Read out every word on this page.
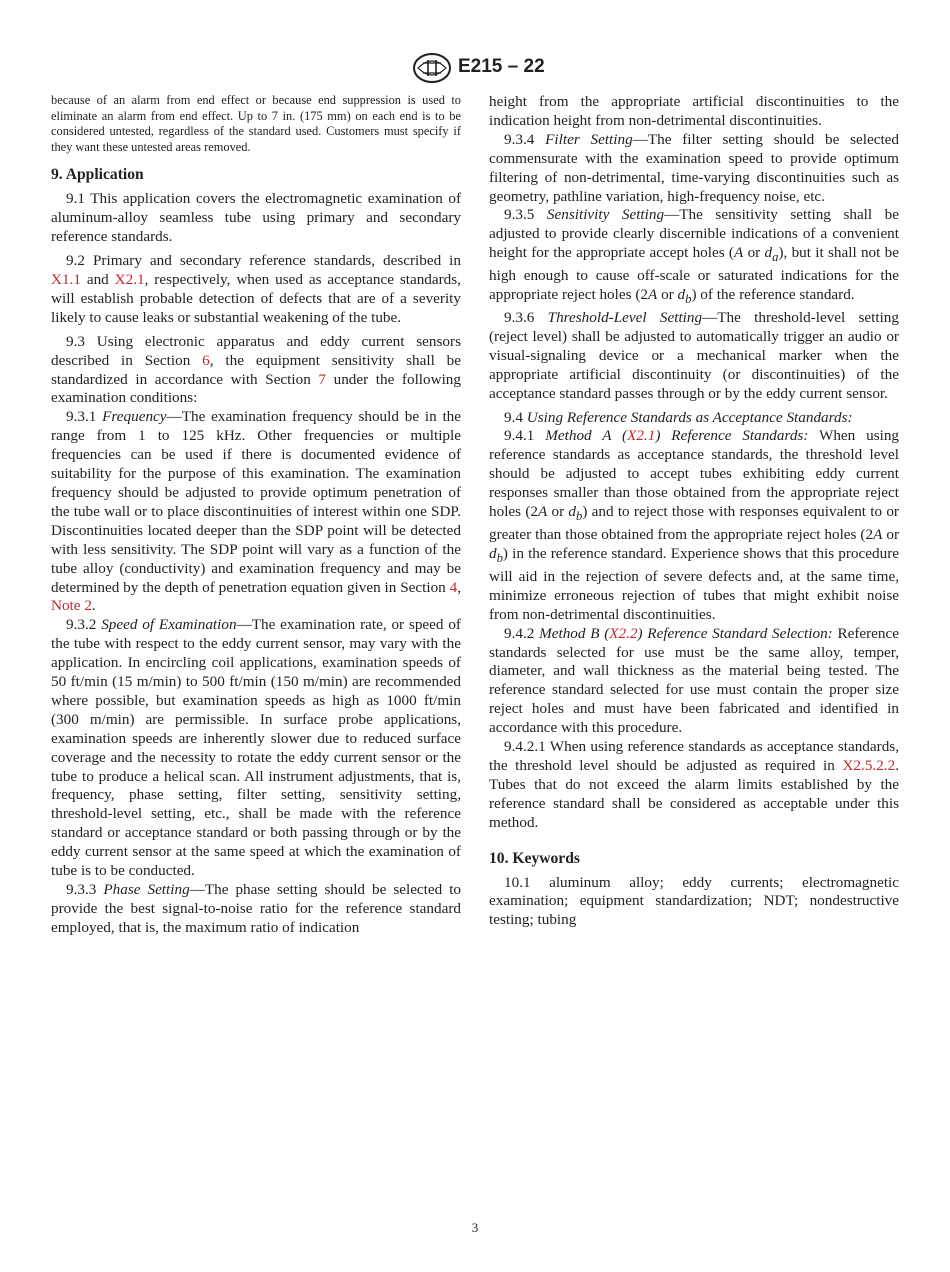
E215 – 22

because of an alarm from end effect or because end suppression is used to eliminate an alarm from end effect. Up to 7 in. (175 mm) on each end is to be considered untested, regardless of the standard used. Customers must specify if they want these untested areas removed.

9. Application

9.1 This application covers the electromagnetic examination of aluminum-alloy seamless tube using primary and secondary reference standards.

9.2 Primary and secondary reference standards, described in X1.1 and X2.1, respectively, when used as acceptance standards, will establish probable detection of defects that are of a severity likely to cause leaks or substantial weakening of the tube.

9.3 Using electronic apparatus and eddy current sensors described in Section 6, the equipment sensitivity shall be standardized in accordance with Section 7 under the following examination conditions:

9.3.1 Frequency—The examination frequency should be in the range from 1 to 125 kHz. Other frequencies or multiple frequencies can be used if there is documented evidence of suitability for the purpose of this examination. The examination frequency should be adjusted to provide optimum penetration of the tube wall or to place discontinuities of interest within one SDP. Discontinuities located deeper than the SDP point will be detected with less sensitivity. The SDP point will vary as a function of the tube alloy (conductivity) and examination frequency and may be determined by the depth of penetration equation given in Section 4, Note 2.

9.3.2 Speed of Examination—The examination rate, or speed of the tube with respect to the eddy current sensor, may vary with the application. In encircling coil applications, examination speeds of 50 ft/min (15 m/min) to 500 ft/min (150 m/min) are recommended where possible, but examination speeds as high as 1000 ft/min (300 m/min) are permissible. In surface probe applications, examination speeds are inherently slower due to reduced surface coverage and the necessity to rotate the eddy current sensor or the tube to produce a helical scan. All instrument adjustments, that is, frequency, phase setting, filter setting, sensitivity setting, threshold-level setting, etc., shall be made with the reference standard or acceptance standard or both passing through or by the eddy current sensor at the same speed at which the examination of tube is to be conducted.

9.3.3 Phase Setting—The phase setting should be selected to provide the best signal-to-noise ratio for the reference standard employed, that is, the maximum ratio of indication

height from the appropriate artificial discontinuities to the indication height from non-detrimental discontinuities.

9.3.4 Filter Setting—The filter setting should be selected commensurate with the examination speed to provide optimum filtering of non-detrimental, time-varying discontinuities such as geometry, pathline variation, high-frequency noise, etc.

9.3.5 Sensitivity Setting—The sensitivity setting shall be adjusted to provide clearly discernible indications of a convenient height for the appropriate accept holes (A or $d_a$), but it shall not be high enough to cause off-scale or saturated indications for the appropriate reject holes (2A or $d_b$) of the reference standard.

9.3.6 Threshold-Level Setting—The threshold-level setting (reject level) shall be adjusted to automatically trigger an audio or visual-signaling device or a mechanical marker when the appropriate artificial discontinuity (or discontinuities) of the acceptance standard passes through or by the eddy current sensor.

9.4 Using Reference Standards as Acceptance Standards:

9.4.1 Method A (X2.1) Reference Standards: When using reference standards as acceptance standards, the threshold level should be adjusted to accept tubes exhibiting eddy current responses smaller than those obtained from the appropriate reject holes (2A or $d_b$) and to reject those with responses equivalent to or greater than those obtained from the appropriate reject holes (2A or $d_b$) in the reference standard. Experience shows that this procedure will aid in the rejection of severe defects and, at the same time, minimize erroneous rejection of tubes that might exhibit noise from non-detrimental discontinuities.

9.4.2 Method B (X2.2) Reference Standard Selection: Reference standards selected for use must be the same alloy, temper, diameter, and wall thickness as the material being tested. The reference standard selected for use must contain the proper size reject holes and must have been fabricated and identified in accordance with this procedure.

9.4.2.1 When using reference standards as acceptance standards, the threshold level should be adjusted as required in X2.5.2.2. Tubes that do not exceed the alarm limits established by the reference standard shall be considered as acceptable under this method.

10. Keywords

10.1 aluminum alloy; eddy currents; electromagnetic examination; equipment standardization; NDT; nondestructive testing; tubing

3
